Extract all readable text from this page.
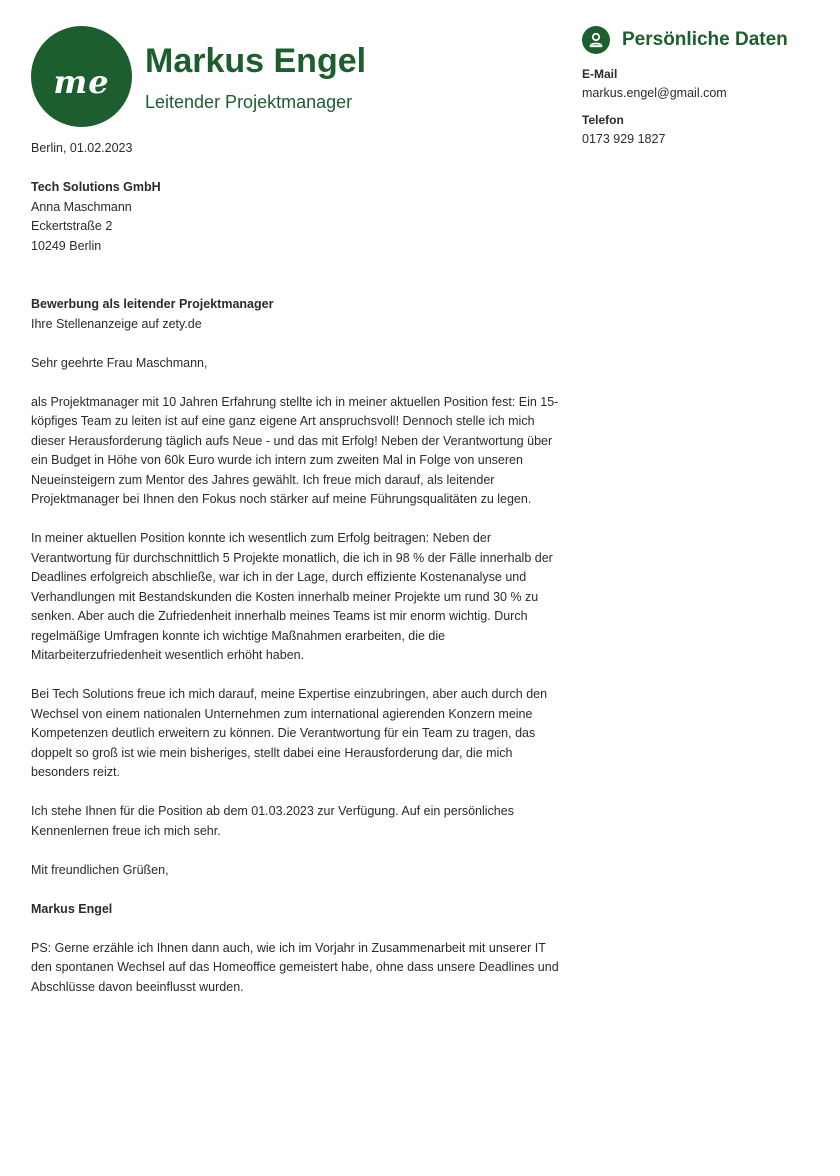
me
Markus Engel
Leitender Projektmanager
Persönliche Daten
E-Mail
markus.engel@gmail.com
Telefon
0173 929 1827

Berlin, 01.02.2023

Tech Solutions GmbH

Anna Maschmann

Eckertstraße 2

10249 Berlin

Bewerbung als leitender Projektmanager

Ihre Stellenanzeige auf zety.de

Sehr geehrte Frau Maschmann,

als Projektmanager mit 10 Jahren Erfahrung stellte ich in meiner aktuellen Position fest: Ein 15-köpfiges Team zu leiten ist auf eine ganz eigene Art anspruchsvoll! Dennoch stelle ich mich dieser Herausforderung täglich aufs Neue - und das mit Erfolg! Neben der Verantwortung über ein Budget in Höhe von 60k Euro wurde ich intern zum zweiten Mal in Folge von unseren Neueinsteigern zum Mentor des Jahres gewählt. Ich freue mich darauf, als leitender Projektmanager bei Ihnen den Fokus noch stärker auf meine Führungsqualitäten zu legen.

In meiner aktuellen Position konnte ich wesentlich zum Erfolg beitragen: Neben der Verantwortung für durchschnittlich 5 Projekte monatlich, die ich in 98 % der Fälle innerhalb der Deadlines erfolgreich abschließe, war ich in der Lage, durch effiziente Kostenanalyse und Verhandlungen mit Bestandskunden die Kosten innerhalb meiner Projekte um rund 30 % zu senken. Aber auch die Zufriedenheit innerhalb meines Teams ist mir enorm wichtig. Durch regelmäßige Umfragen konnte ich wichtige Maßnahmen erarbeiten, die die Mitarbeiterzufriedenheit wesentlich erhöht haben.

Bei Tech Solutions freue ich mich darauf, meine Expertise einzubringen, aber auch durch den Wechsel von einem nationalen Unternehmen zum international agierenden Konzern meine Kompetenzen deutlich erweitern zu können. Die Verantwortung für ein Team zu tragen, das doppelt so groß ist wie mein bisheriges, stellt dabei eine Herausforderung dar, die mich besonders reizt.

Ich stehe Ihnen für die Position ab dem 01.03.2023 zur Verfügung. Auf ein persönliches Kennenlernen freue ich mich sehr.

Mit freundlichen Grüßen,

Markus Engel

PS: Gerne erzähle ich Ihnen dann auch, wie ich im Vorjahr in Zusammenarbeit mit unserer IT den spontanen Wechsel auf das Homeoffice gemeistert habe, ohne dass unsere Deadlines und Abschlüsse davon beeinflusst wurden.
